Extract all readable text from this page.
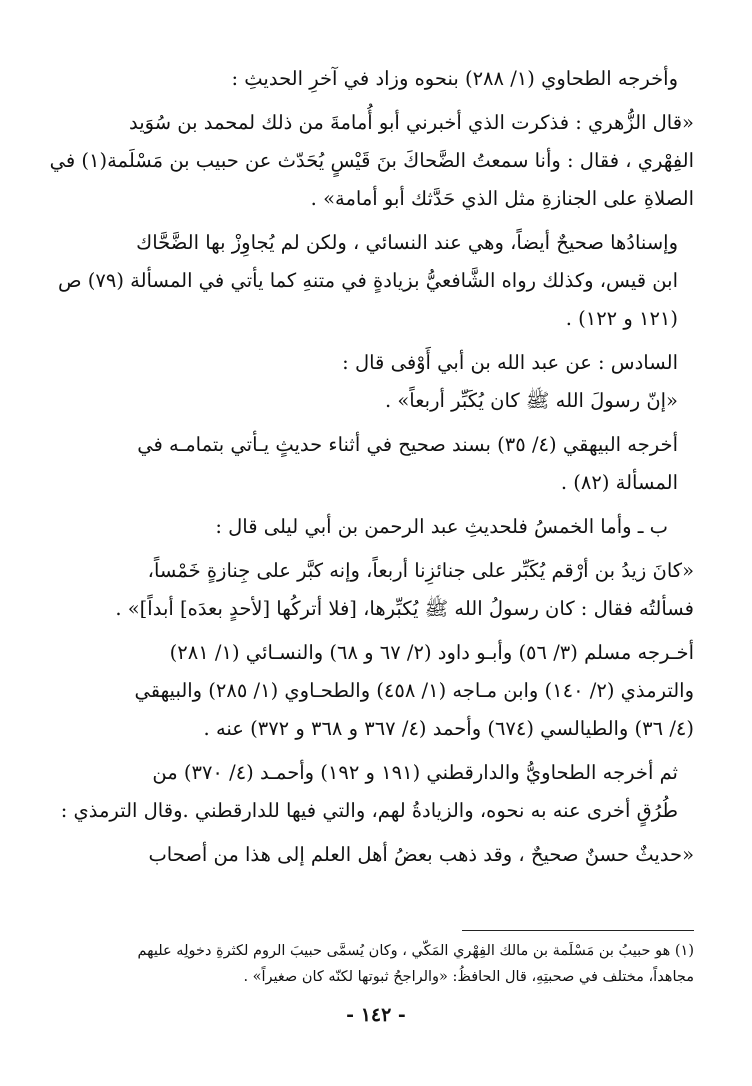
وأخرجه الطحاوي (١/ ٢٨٨) بنحوه وزاد في آخرِ الحديثِ :

«قال الزُّهري : فذكرت الذي أخبرني أبو أُمامةَ من ذلك لمحمد بن سُوَيد
الفِهْري ، فقال : وأنا سمعتُ الضَّحاكَ بنَ قَيْسٍ يُحَدّث عن حبيب بن مَسْلَمة(١) في
الصلاةِ على الجنازةِ مثل الذي حَدَّثك أبو أمامة» .

وإسنادُها صحيحٌ أيضاً، وهي عند النسائي ، ولكن لم يُجاوِزْ بها الضَّحَّاك
ابن قيس، وكذلك رواه الشَّافعيُّ بزيادةٍ في متنهِ كما يأتي في المسألة (٧٩) ص
(١٢١ و ١٢٢) .

السادس : عن عبد الله بن أبي أَوْفى قال :

«إنّ رسولَ الله ﷺ كان يُكَبِّر أربعاً» .

أخرجه البيهقي (٤/ ٣٥) بسند صحيح في أثناء حديثٍ يـأتي بتمامـه في
المسألة (٨٢) .

ب ـ وأما الخمسُ فلحديثِ عبد الرحمن بن أبي ليلى قال :

«كانَ زيدُ بن أرْقم يُكَبِّر على جنائزِنا أربعاً، وإنه كبَّر على جِنازةٍ خَمْساً،
فسألتُه فقال : كان رسولُ الله ﷺ يُكبِّرها، [فلا أتركُها [لأحدٍ بعدَه] أبداً]» .

أخـرجه مسلم (٣/ ٥٦) وأبـو داود (٢/ ٦٧ و ٦٨) والنسـائي (١/ ٢٨١)
والترمذي (٢/ ١٤٠) وابن مـاجه (١/ ٤٥٨) والطحـاوي (١/ ٢٨٥) والبيهقي
(٤/ ٣٦) والطيالسي (٦٧٤) وأحمد (٤/ ٣٦٧ و ٣٦٨ و ٣٧٢) عنه .

ثم أخرجه الطحاويُّ والدارقطني (١٩١ و ١٩٢) وأحمـد (٤/ ٣٧٠) من
طُرُقٍ أخرى عنه به نحوه، والزيادةُ لهم، والتي فيها للدارقطني .وقال الترمذي :

«حديثٌ حسنٌ صحيحٌ ، وقد ذهب بعضُ أهل العلم إلى هذا من أصحاب

(١) هو حبيبُ بن مَسْلَمة بن مالك الفِهْري المَكّي ، وكان يُسمَّى حبيبَ الروم لكثرةِ دخولِه عليهم
مجاهداً، مختلف في صحبتِهِ، قال الحافظُ: «والراجحُ ثبوتها لكنّه كان صغيراً» .
- ١٤٢ -
